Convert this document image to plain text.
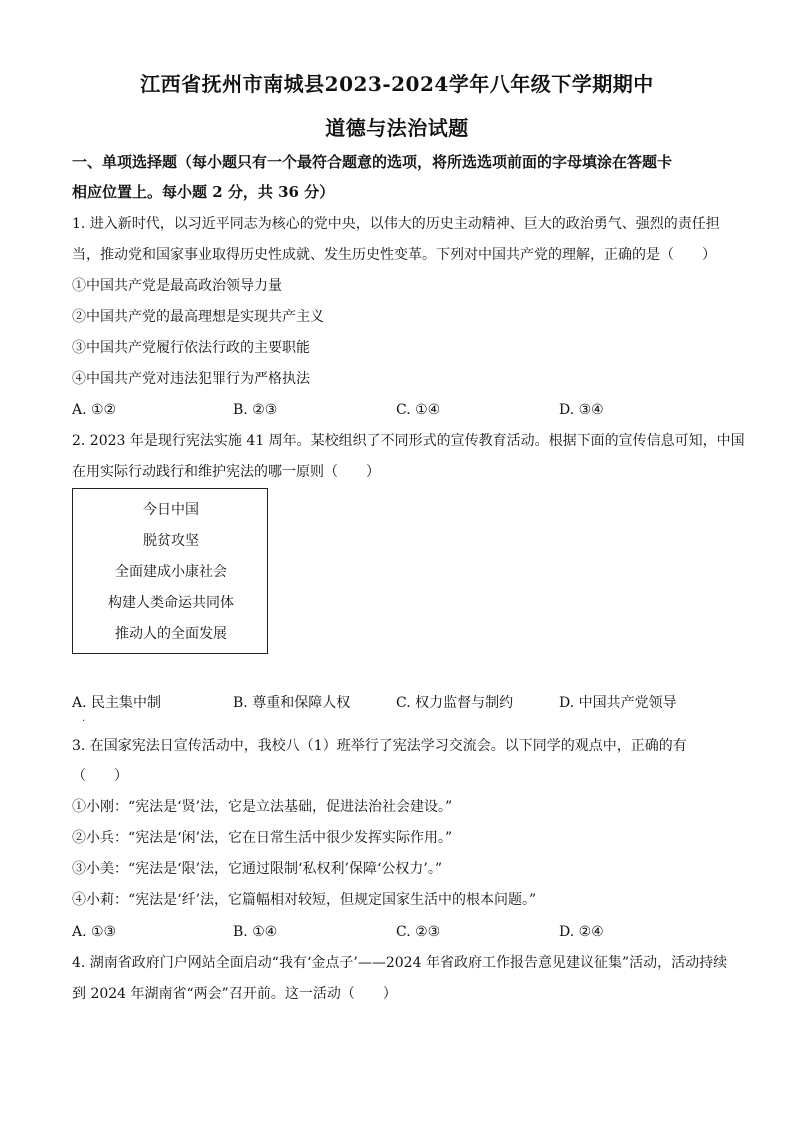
江西省抚州市南城县2023-2024学年八年级下学期期中
道德与法治试题
一、单项选择题（每小题只有一个最符合题意的选项，将所选选项前面的字母填涂在答题卡
相应位置上。每小题 2 分，共 36 分）
1. 进入新时代，以习近平同志为核心的党中央，以伟大的历史主动精神、巨大的政治勇气、强烈的责任担
当，推动党和国家事业取得历史性成就、发生历史性变革。下列对中国共产党的理解，正确的是（　　）
①中国共产党是最高政治领导力量
②中国共产党的最高理想是实现共产主义
③中国共产党履行依法行政的主要职能
④中国共产党对违法犯罪行为严格执法
A. ①②	B. ②③	C. ①④	D. ③④
2. 2023 年是现行宪法实施 41 周年。某校组织了不同形式的宣传教育活动。根据下面的宣传信息可知，中国
在用实际行动践行和维护宪法的哪一原则（　　）
今日中国
脱贫攻坚
全面建成小康社会
构建人类命运共同体
推动人的全面发展
A. 民主集中制	B. 尊重和保障人权	C. 权力监督与制约	D. 中国共产党领导
·
3. 在国家宪法日宣传活动中，我校八（1）班举行了宪法学习交流会。以下同学的观点中，正确的有
（　　）
①小刚：“宪法是‘贤’法，它是立法基础，促进法治社会建设。”
②小兵：“宪法是‘闲’法，它在日常生活中很少发挥实际作用。”
③小美：“宪法是‘限’法，它通过限制‘私权利’保障‘公权力’。”
④小莉：“宪法是‘纤’法，它篇幅相对较短，但规定国家生活中的根本问题。”
A. ①③	B. ①④	C. ②③	D. ②④
4. 湖南省政府门户网站全面启动“我有‘金点子’——2024 年省政府工作报告意见建议征集”活动，活动持续
到 2024 年湖南省“两会”召开前。这一活动（　　）
